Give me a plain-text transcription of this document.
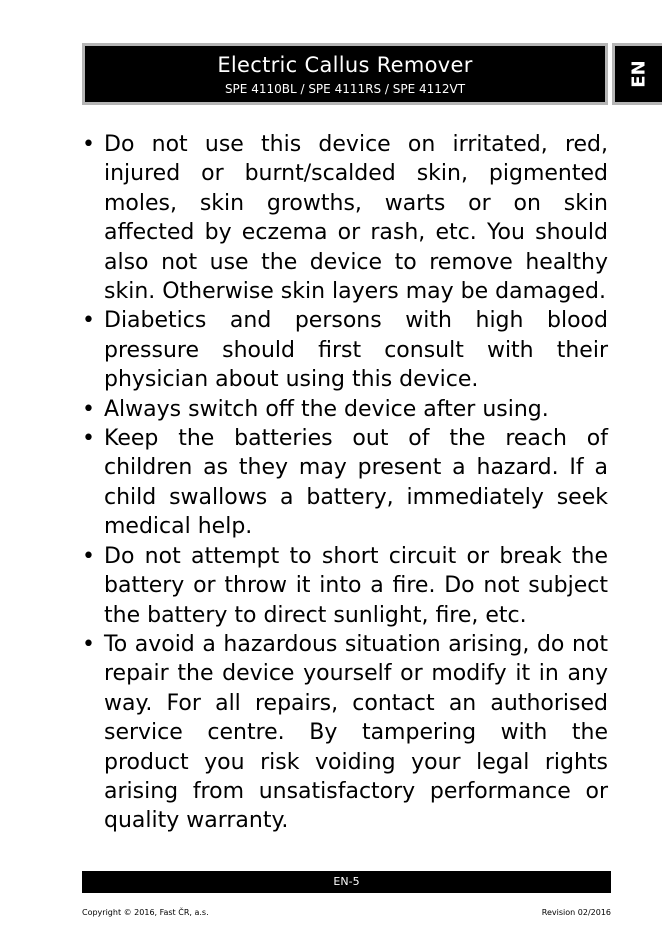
Electric Callus Remover
SPE 4110BL / SPE 4111RS / SPE 4112VT
EN
• Do not use this device on irritated, red, injured or burnt/scalded skin, pigmented moles, skin growths, warts or on skin affected by eczema or rash, etc. You should also not use the device to remove healthy skin. Otherwise skin layers may be damaged.
• Diabetics and persons with high blood pressure should first consult with their physician about using this device.
• Always switch off the device after using.
• Keep the batteries out of the reach of children as they may present a hazard. If a child swallows a battery, immediately seek medical help.
• Do not attempt to short circuit or break the battery or throw it into a fire. Do not subject the battery to direct sunlight, fire, etc.
• To avoid a hazardous situation arising, do not repair the device yourself or modify it in any way. For all repairs, contact an authorised service centre. By tampering with the product you risk voiding your legal rights arising from unsatisfactory performance or quality warranty.
EN-5
Copyright © 2016, Fast ČR, a.s.	Revision 02/2016
